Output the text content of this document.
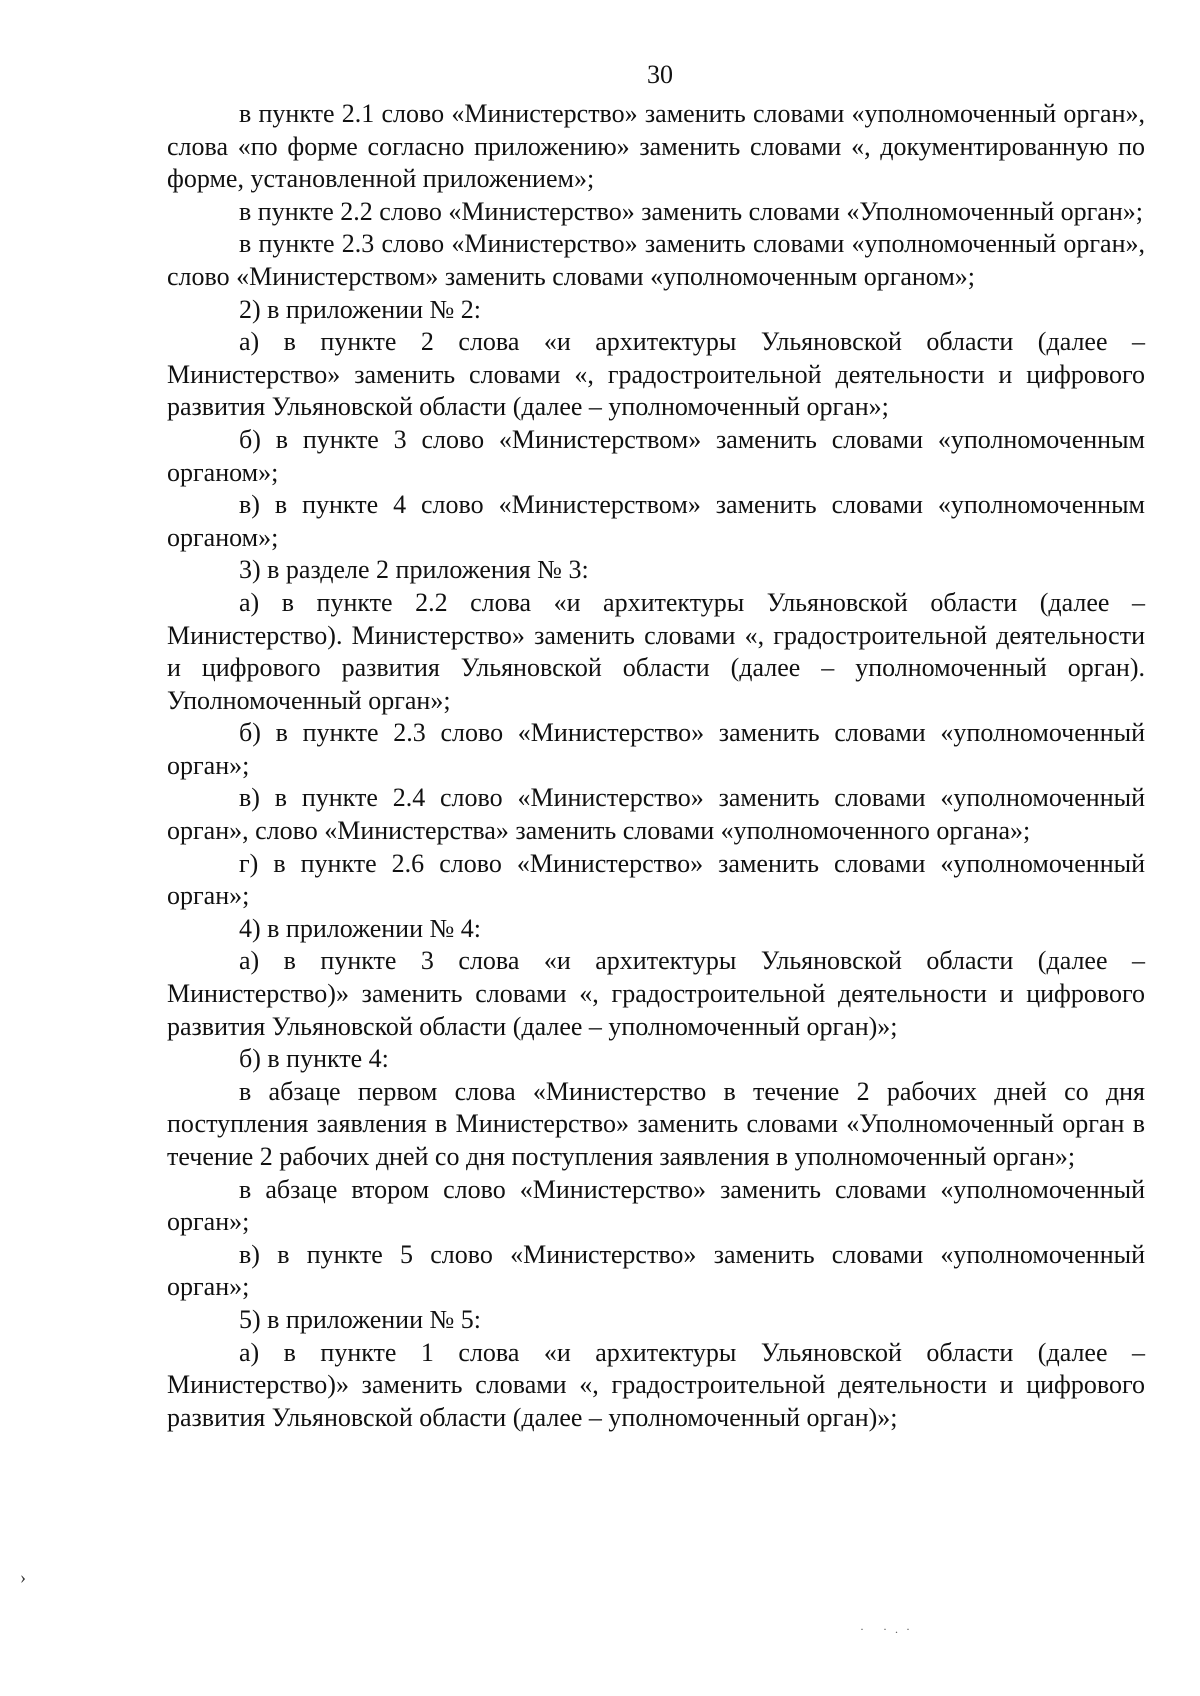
30

в пункте 2.1 слово «Министерство» заменить словами «уполномоченный орган», слова «по форме согласно приложению» заменить словами «, документированную по форме, установленной приложением»;

в пункте 2.2 слово «Министерство» заменить словами «Уполномоченный орган»;

в пункте 2.3 слово «Министерство» заменить словами «уполномоченный орган», слово «Министерством» заменить словами «уполномоченным органом»;

2) в приложении № 2:

а) в пункте 2 слова «и архитектуры Ульяновской области (далее – Министерство» заменить словами «, градостроительной деятельности и цифрового развития Ульяновской области (далее – уполномоченный орган»;

б) в пункте 3 слово «Министерством» заменить словами «уполномоченным органом»;

в) в пункте 4 слово «Министерством» заменить словами «уполномоченным органом»;

3) в разделе 2 приложения № 3:

а) в пункте 2.2 слова «и архитектуры Ульяновской области (далее – Министерство). Министерство» заменить словами «, градостроительной деятельности и цифрового развития Ульяновской области (далее – уполномоченный орган). Уполномоченный орган»;

б) в пункте 2.3 слово «Министерство» заменить словами «уполномоченный орган»;

в) в пункте 2.4 слово «Министерство» заменить словами «уполномоченный орган», слово «Министерства» заменить словами «уполномоченного органа»;

г) в пункте 2.6 слово «Министерство» заменить словами «уполномоченный орган»;

4) в приложении № 4:

а) в пункте 3 слова «и архитектуры Ульяновской области (далее – Министерство)» заменить словами «, градостроительной деятельности и цифрового развития Ульяновской области (далее – уполномоченный орган)»;

б) в пункте 4:

в абзаце первом слова «Министерство в течение 2 рабочих дней со дня поступления заявления в Министерство» заменить словами «Уполномоченный орган в течение 2 рабочих дней со дня поступления заявления в уполномоченный орган»;

в абзаце втором слово «Министерство» заменить словами «уполномоченный орган»;

в) в пункте 5 слово «Министерство» заменить словами «уполномоченный орган»;

5) в приложении № 5:

а) в пункте 1 слова «и архитектуры Ульяновской области (далее – Министерство)» заменить словами «, градостроительной деятельности и цифрового развития Ульяновской области (далее – уполномоченный орган)»;

›
· ·.·
